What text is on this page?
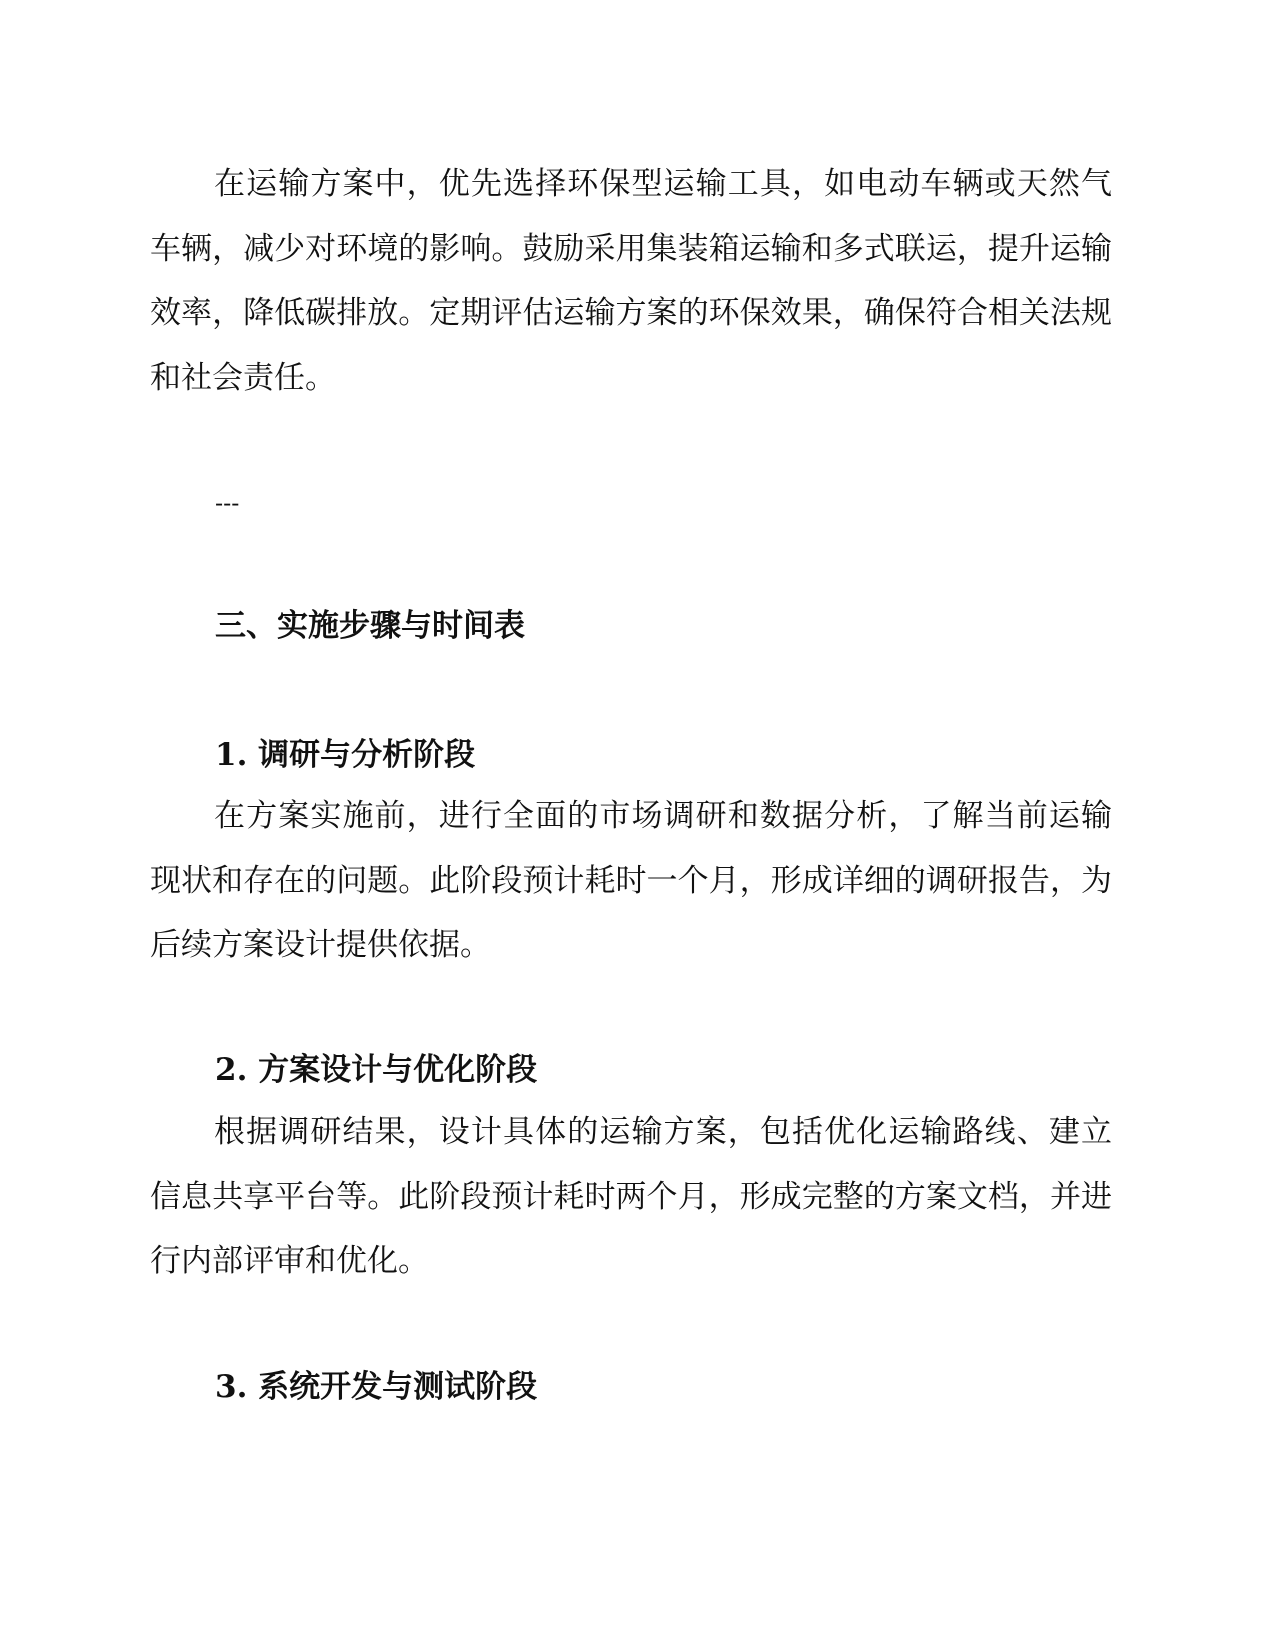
在运输方案中，优先选择环保型运输工具，如电动车辆或天然气车辆，减少对环境的影响。鼓励采用集装箱运输和多式联运，提升运输效率，降低碳排放。定期评估运输方案的环保效果，确保符合相关法规和社会责任。

---

三、实施步骤与时间表
1. 调研与分析阶段

在方案实施前，进行全面的市场调研和数据分析，了解当前运输现状和存在的问题。此阶段预计耗时一个月，形成详细的调研报告，为后续方案设计提供依据。

2. 方案设计与优化阶段

根据调研结果，设计具体的运输方案，包括优化运输路线、建立信息共享平台等。此阶段预计耗时两个月，形成完整的方案文档，并进行内部评审和优化。

3. 系统开发与测试阶段
